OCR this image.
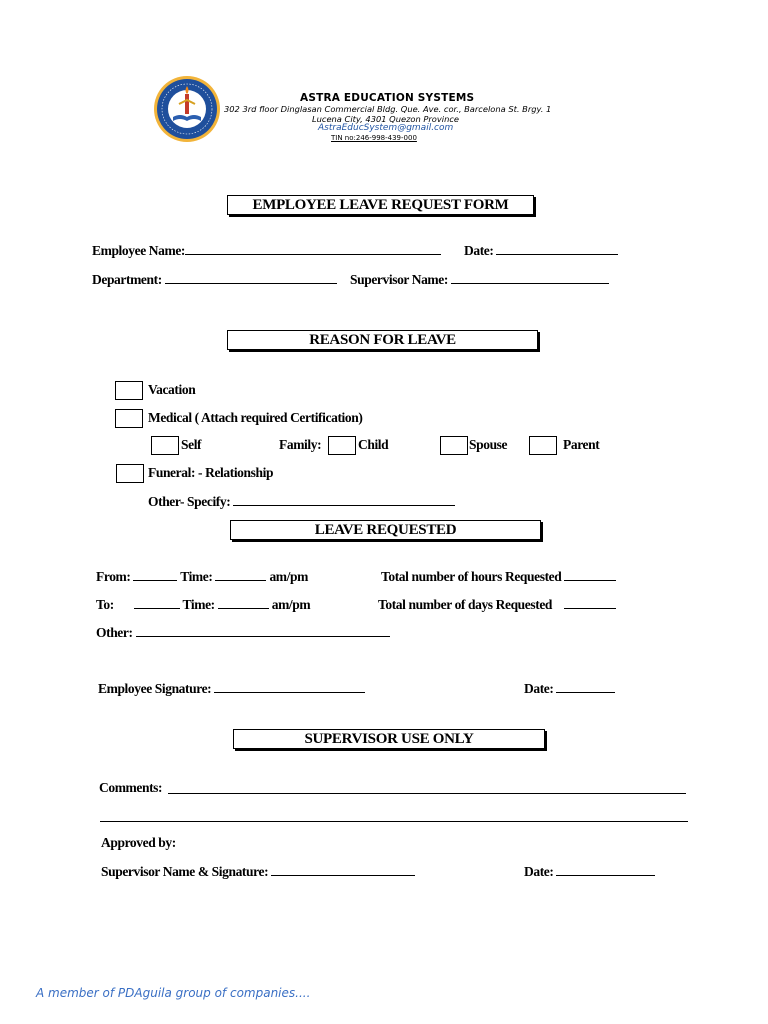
ASTRA EDUCATION SYSTEMS
302 3rd floor Dinglasan Commercial Bldg. Que. Ave. cor., Barcelona St. Brgy. 1
Lucena City, 4301 Quezon Province
AstraEducSystem@gmail.com
TIN no:246-998-439-000
EMPLOYEE LEAVE REQUEST FORM
Employee Name:	Date:
Department:	Supervisor Name:
REASON FOR LEAVE
Vacation
Medical ( Attach required Certification)
Self	Family:	Child	Spouse	Parent
Funeral: - Relationship
Other- Specify:
LEAVE REQUESTED
From:	Time:	am/pm	Total number of hours Requested
To:	Time:	am/pm	Total number of days Requested
Other:
Employee Signature:	Date:
SUPERVISOR USE ONLY
Comments:
Approved by:
Supervisor Name & Signature:	Date:
A member of PDAguila group of companies....
